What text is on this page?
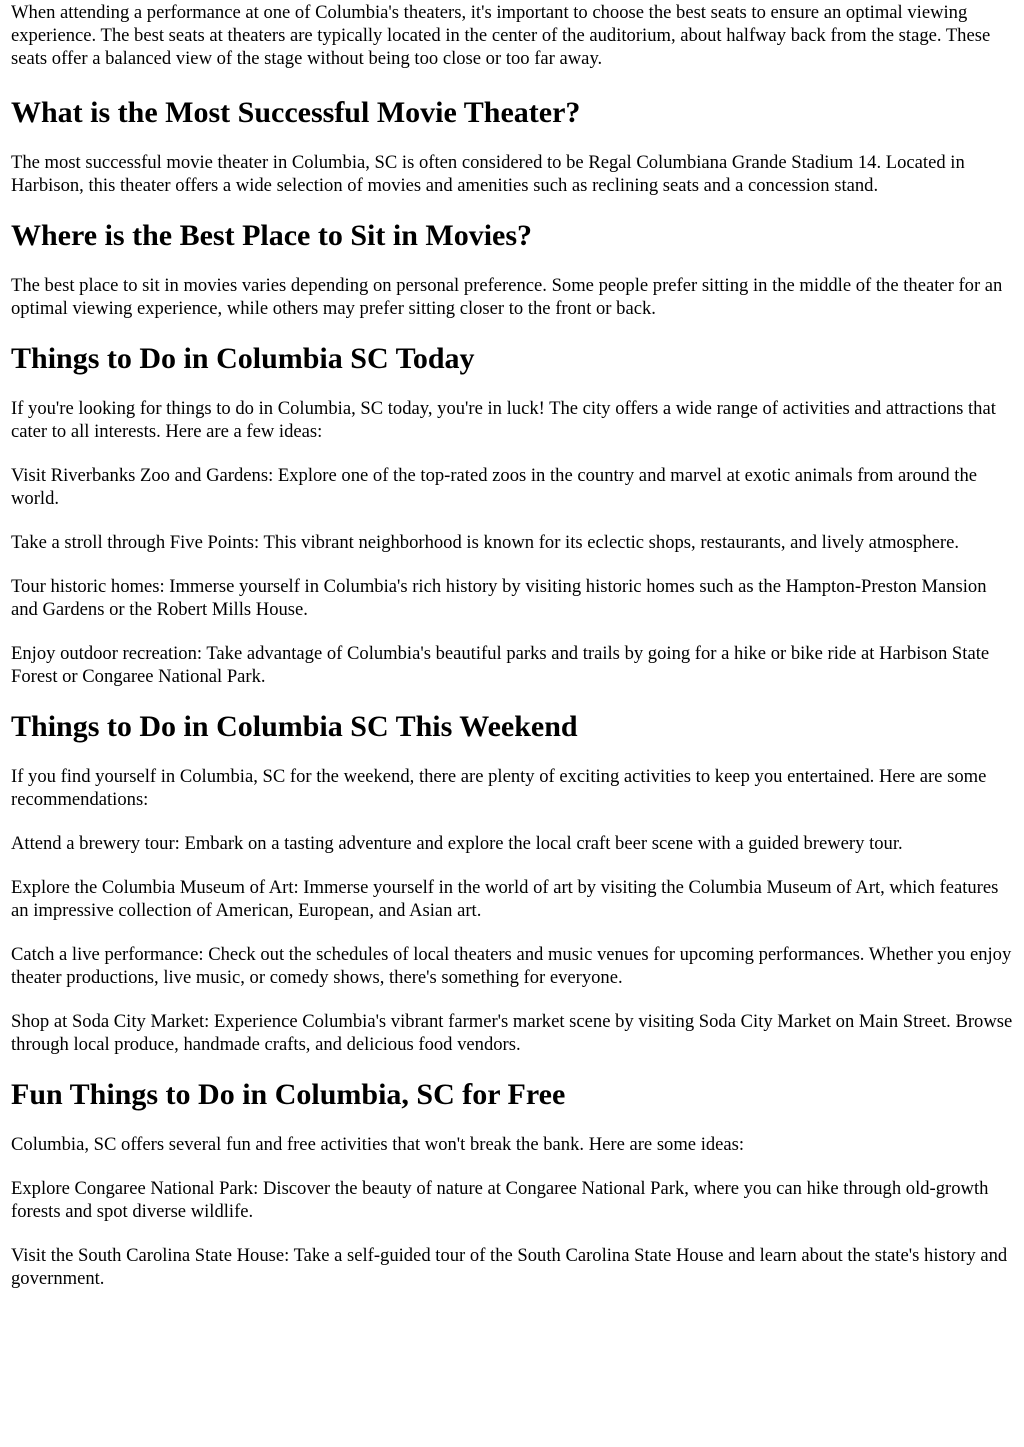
When attending a performance at one of Columbia's theaters, it's important to choose the best seats to ensure an optimal viewing experience. The best seats at theaters are typically located in the center of the auditorium, about halfway back from the stage. These seats offer a balanced view of the stage without being too close or too far away.

What is the Most Successful Movie Theater?

The most successful movie theater in Columbia, SC is often considered to be Regal Columbiana Grande Stadium 14. Located in Harbison, this theater offers a wide selection of movies and amenities such as reclining seats and a concession stand.

Where is the Best Place to Sit in Movies?

The best place to sit in movies varies depending on personal preference. Some people prefer sitting in the middle of the theater for an optimal viewing experience, while others may prefer sitting closer to the front or back.

Things to Do in Columbia SC Today

If you're looking for things to do in Columbia, SC today, you're in luck! The city offers a wide range of activities and attractions that cater to all interests. Here are a few ideas:

Visit Riverbanks Zoo and Gardens: Explore one of the top-rated zoos in the country and marvel at exotic animals from around the world.

Take a stroll through Five Points: This vibrant neighborhood is known for its eclectic shops, restaurants, and lively atmosphere.

Tour historic homes: Immerse yourself in Columbia's rich history by visiting historic homes such as the Hampton-Preston Mansion and Gardens or the Robert Mills House.

Enjoy outdoor recreation: Take advantage of Columbia's beautiful parks and trails by going for a hike or bike ride at Harbison State Forest or Congaree National Park.

Things to Do in Columbia SC This Weekend

If you find yourself in Columbia, SC for the weekend, there are plenty of exciting activities to keep you entertained. Here are some recommendations:

Attend a brewery tour: Embark on a tasting adventure and explore the local craft beer scene with a guided brewery tour.

Explore the Columbia Museum of Art: Immerse yourself in the world of art by visiting the Columbia Museum of Art, which features an impressive collection of American, European, and Asian art.

Catch a live performance: Check out the schedules of local theaters and music venues for upcoming performances. Whether you enjoy theater productions, live music, or comedy shows, there's something for everyone.

Shop at Soda City Market: Experience Columbia's vibrant farmer's market scene by visiting Soda City Market on Main Street. Browse through local produce, handmade crafts, and delicious food vendors.

Fun Things to Do in Columbia, SC for Free

Columbia, SC offers several fun and free activities that won't break the bank. Here are some ideas:

Explore Congaree National Park: Discover the beauty of nature at Congaree National Park, where you can hike through old-growth forests and spot diverse wildlife.

Visit the South Carolina State House: Take a self-guided tour of the South Carolina State House and learn about the state's history and government.
